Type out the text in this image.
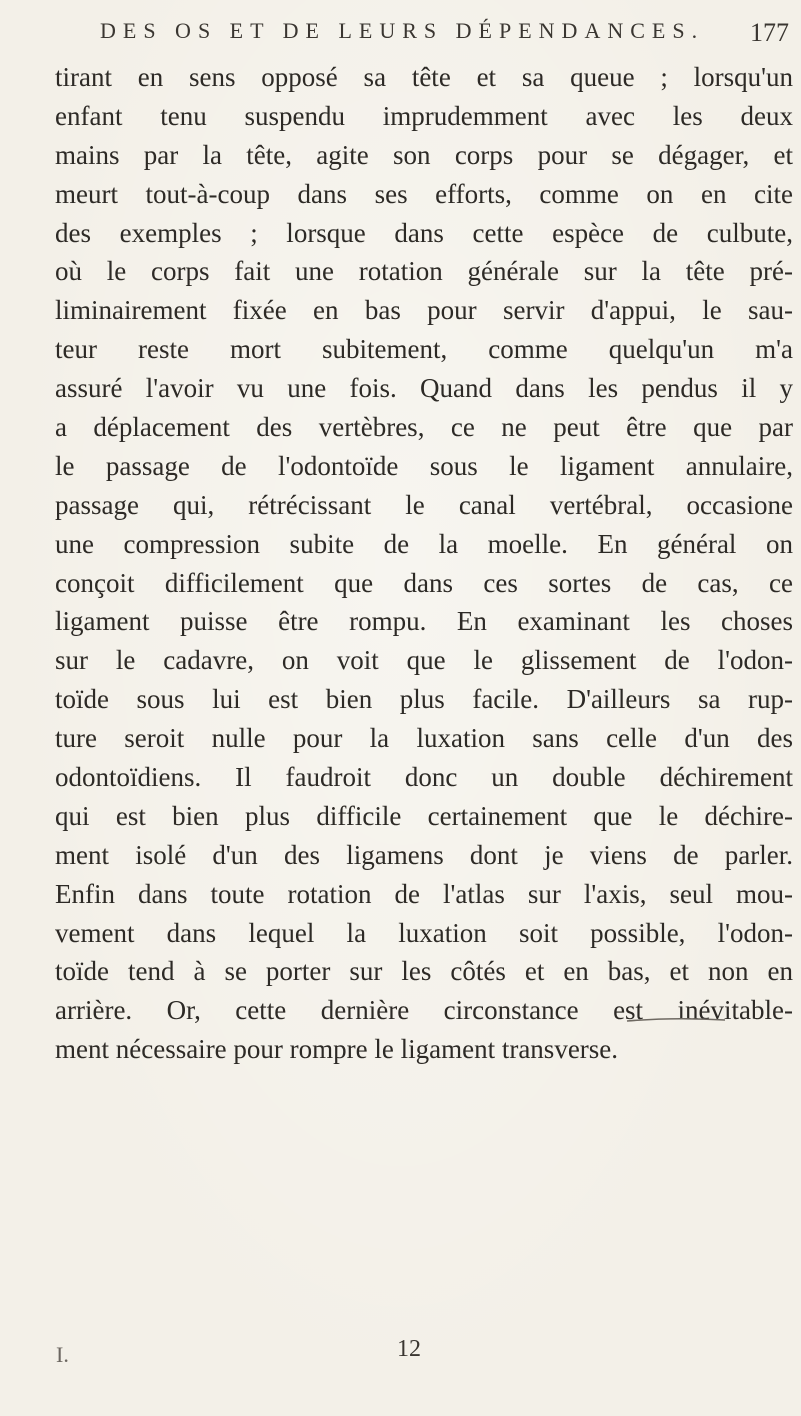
DES OS ET DE LEURS DÉPENDANCES.	177
tirant en sens opposé sa tête et sa queue ; lorsqu'un
enfant tenu suspendu imprudemment avec les deux
mains par la tête, agite son corps pour se dégager, et
meurt tout-à-coup dans ses efforts, comme on en cite
des exemples ; lorsque dans cette espèce de culbute,
où le corps fait une rotation générale sur la tête pré-
liminairement fixée en bas pour servir d'appui, le sau-
teur reste mort subitement, comme quelqu'un m'a
assuré l'avoir vu une fois. Quand dans les pendus il y
a déplacement des vertèbres, ce ne peut être que par
le passage de l'odontoïde sous le ligament annulaire,
passage qui, rétrécissant le canal vertébral, occasione
une compression subite de la moelle. En général on
conçoit difficilement que dans ces sortes de cas, ce
ligament puisse être rompu. En examinant les choses
sur le cadavre, on voit que le glissement de l'odon-
toïde sous lui est bien plus facile. D'ailleurs sa rup-
ture seroit nulle pour la luxation sans celle d'un des
odontoïdiens. Il faudroit donc un double déchirement
qui est bien plus difficile certainement que le déchire-
ment isolé d'un des ligamens dont je viens de parler.
Enfin dans toute rotation de l'atlas sur l'axis, seul mou-
vement dans lequel la luxation soit possible, l'odon-
toïde tend à se porter sur les côtés et en bas, et non en
arrière. Or, cette dernière circonstance est inévitable-
ment nécessaire pour rompre le ligament transverse.
I.	12
